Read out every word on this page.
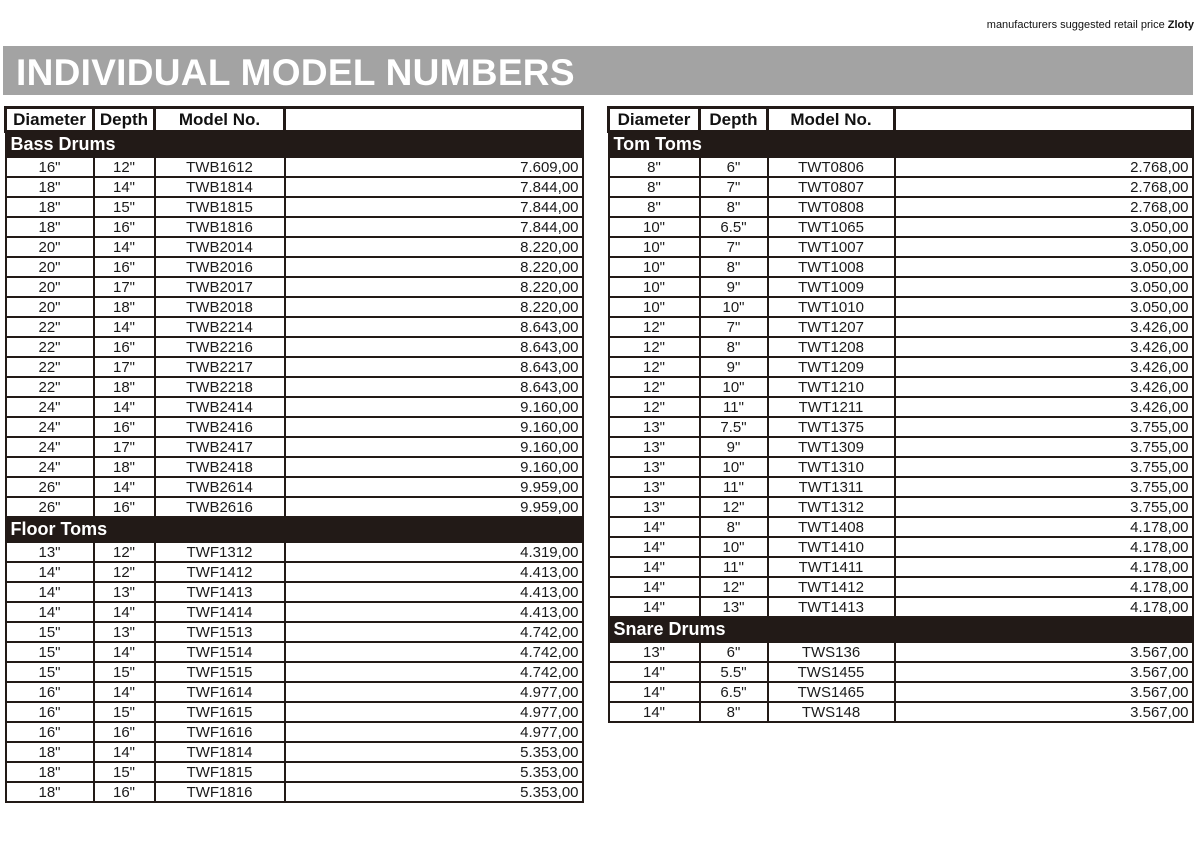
manufacturers suggested retail price Zloty
INDIVIDUAL MODEL NUMBERS
Diameter	Depth	Model No.	
Bass Drums			
16"	12"	TWB1612	7.609,00
18"	14"	TWB1814	7.844,00
18"	15"	TWB1815	7.844,00
18"	16"	TWB1816	7.844,00
20"	14"	TWB2014	8.220,00
20"	16"	TWB2016	8.220,00
20"	17"	TWB2017	8.220,00
20"	18"	TWB2018	8.220,00
22"	14"	TWB2214	8.643,00
22"	16"	TWB2216	8.643,00
22"	17"	TWB2217	8.643,00
22"	18"	TWB2218	8.643,00
24"	14"	TWB2414	9.160,00
24"	16"	TWB2416	9.160,00
24"	17"	TWB2417	9.160,00
24"	18"	TWB2418	9.160,00
26"	14"	TWB2614	9.959,00
26"	16"	TWB2616	9.959,00
Floor Toms			
13"	12"	TWF1312	4.319,00
14"	12"	TWF1412	4.413,00
14"	13"	TWF1413	4.413,00
14"	14"	TWF1414	4.413,00
15"	13"	TWF1513	4.742,00
15"	14"	TWF1514	4.742,00
15"	15"	TWF1515	4.742,00
16"	14"	TWF1614	4.977,00
16"	15"	TWF1615	4.977,00
16"	16"	TWF1616	4.977,00
18"	14"	TWF1814	5.353,00
18"	15"	TWF1815	5.353,00
18"	16"	TWF1816	5.353,00
Diameter	Depth	Model No.	
Tom Toms			
8"	6"	TWT0806	2.768,00
8"	7"	TWT0807	2.768,00
8"	8"	TWT0808	2.768,00
10"	6.5"	TWT1065	3.050,00
10"	7"	TWT1007	3.050,00
10"	8"	TWT1008	3.050,00
10"	9"	TWT1009	3.050,00
10"	10"	TWT1010	3.050,00
12"	7"	TWT1207	3.426,00
12"	8"	TWT1208	3.426,00
12"	9"	TWT1209	3.426,00
12"	10"	TWT1210	3.426,00
12"	11"	TWT1211	3.426,00
13"	7.5"	TWT1375	3.755,00
13"	9"	TWT1309	3.755,00
13"	10"	TWT1310	3.755,00
13"	11"	TWT1311	3.755,00
13"	12"	TWT1312	3.755,00
14"	8"	TWT1408	4.178,00
14"	10"	TWT1410	4.178,00
14"	11"	TWT1411	4.178,00
14"	12"	TWT1412	4.178,00
14"	13"	TWT1413	4.178,00
Snare Drums			
13"	6"	TWS136	3.567,00
14"	5.5"	TWS1455	3.567,00
14"	6.5"	TWS1465	3.567,00
14"	8"	TWS148	3.567,00
